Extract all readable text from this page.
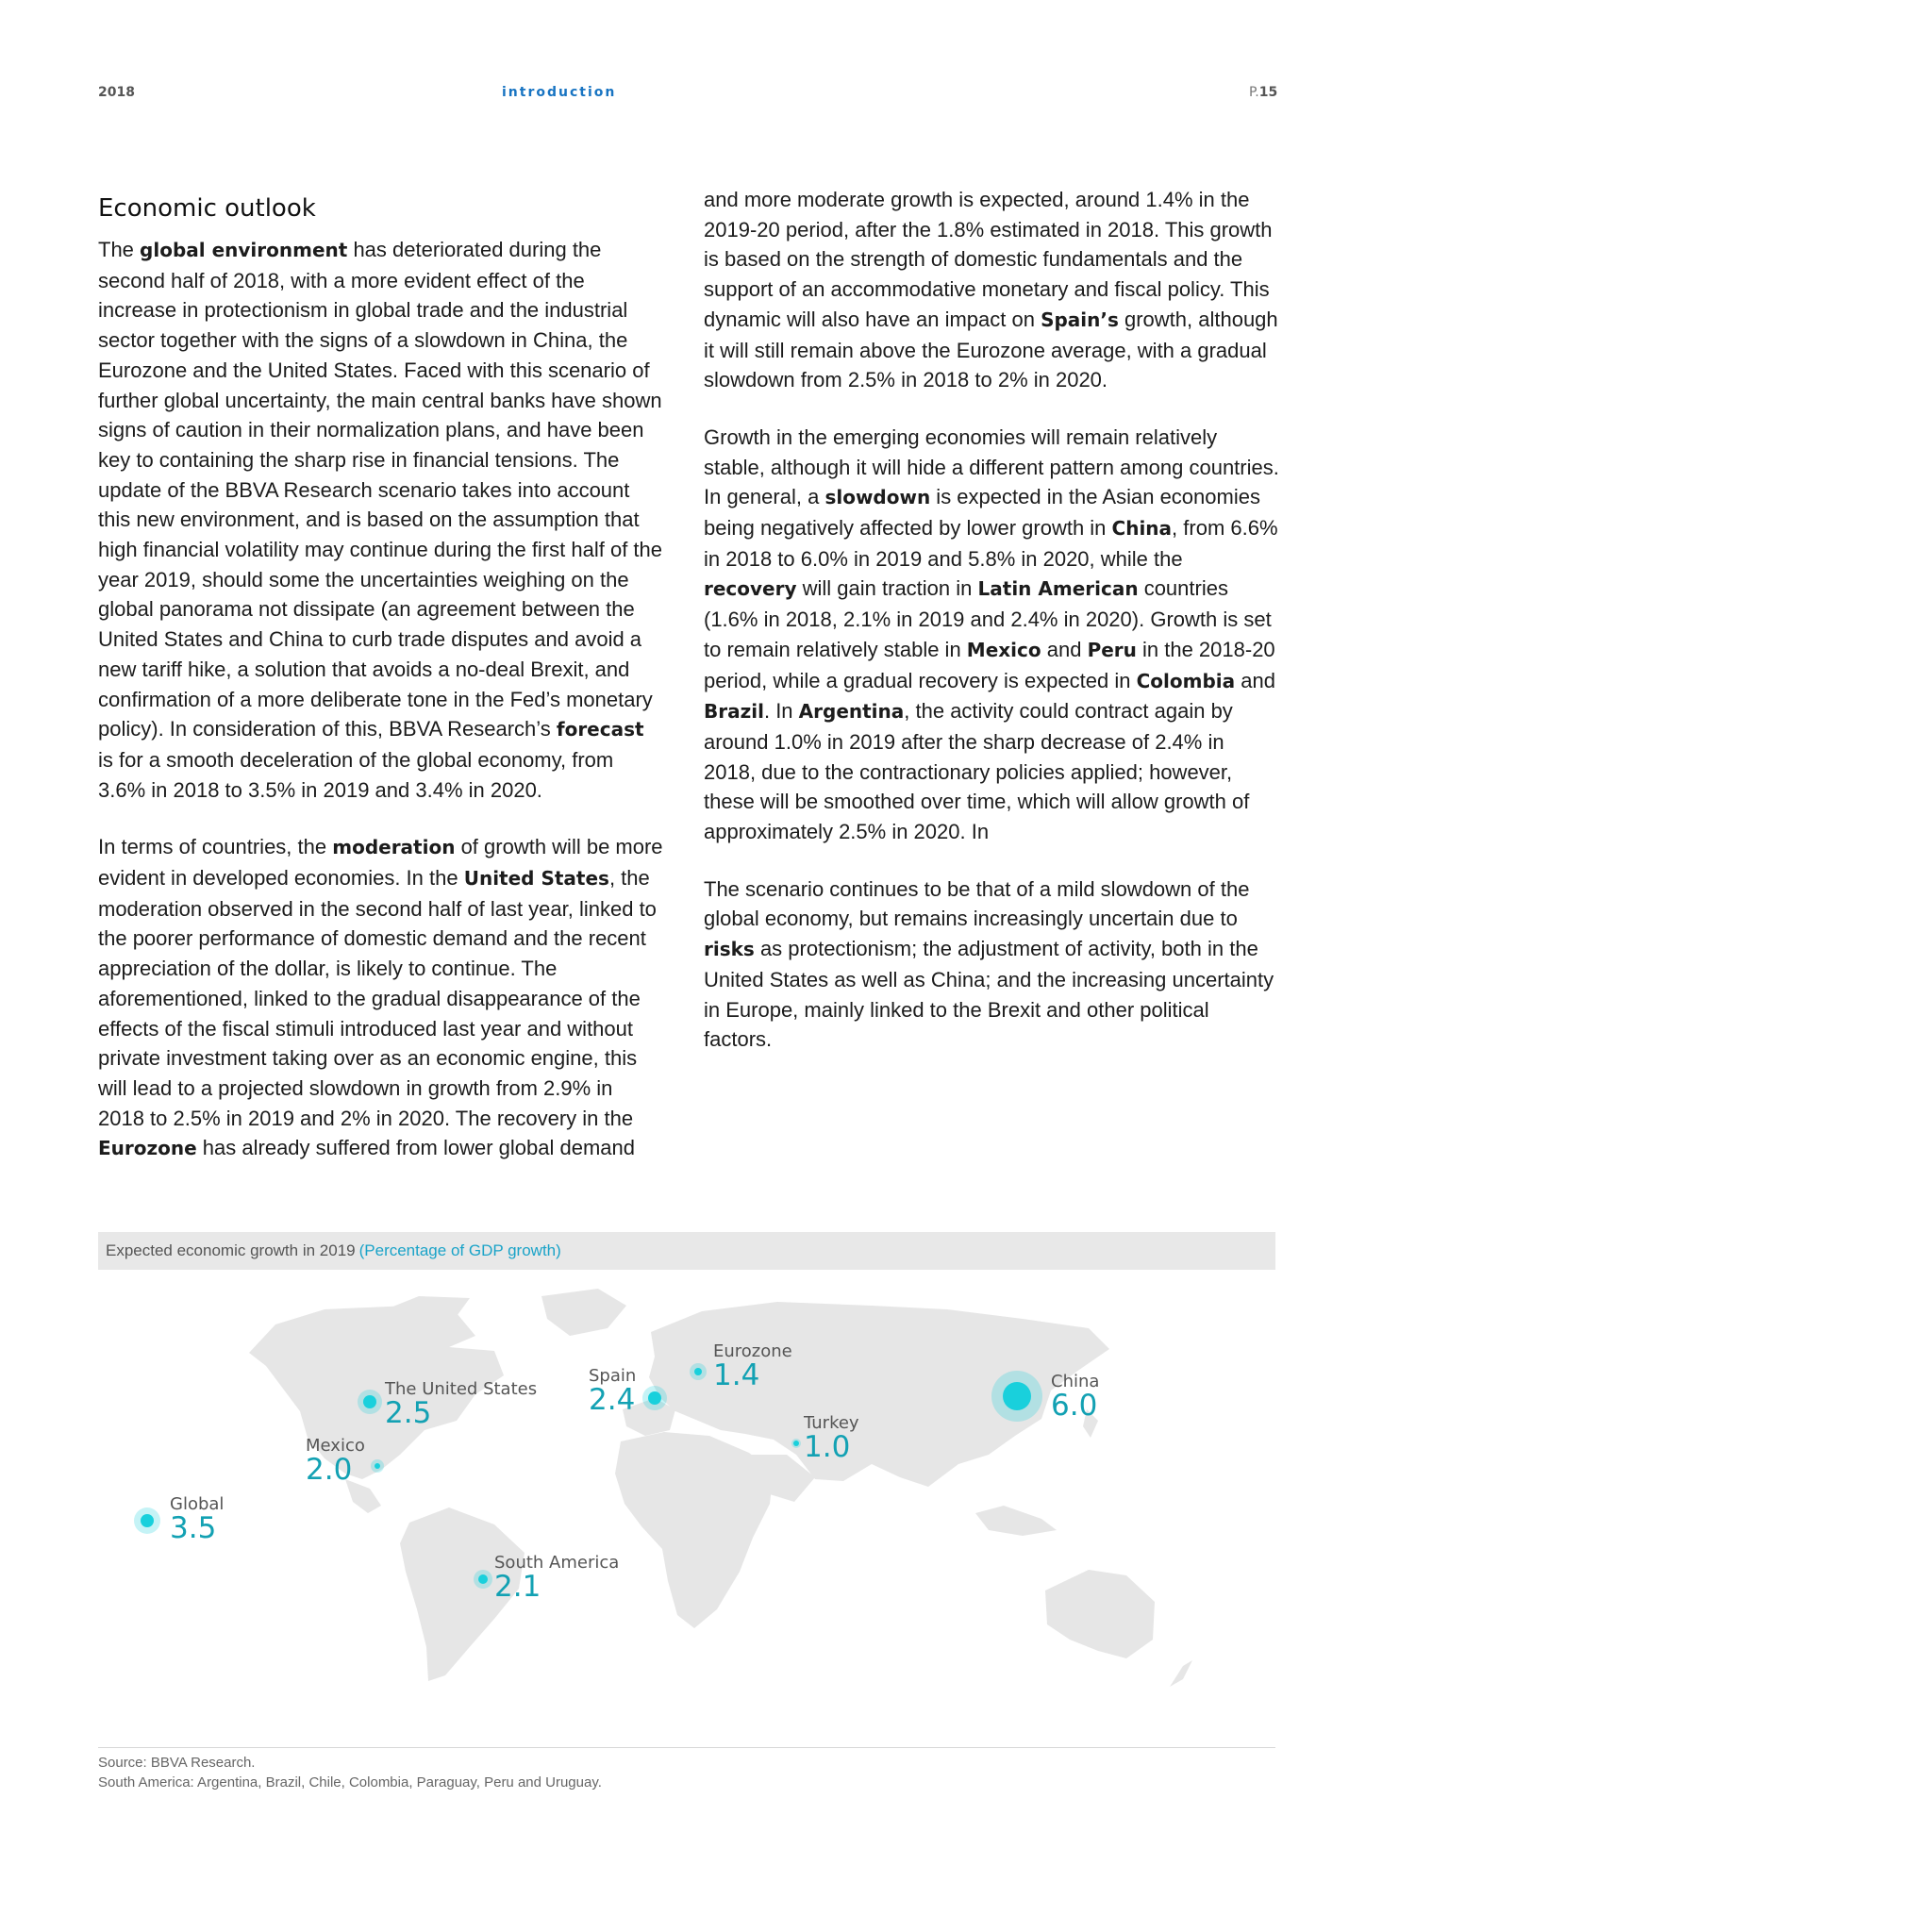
2018	introduction	P.15
Economic outlook

The global environment has deteriorated during the second half of 2018, with a more evident effect of the increase in protectionism in global trade and the industrial sector together with the signs of a slowdown in China, the Eurozone and the United States. Faced with this scenario of further global uncertainty, the main central banks have shown signs of caution in their normalization plans, and have been key to containing the sharp rise in financial tensions. The update of the BBVA Research scenario takes into account this new environment, and is based on the assumption that high financial volatility may continue during the first half of the year 2019, should some the uncertainties weighing on the global panorama not dissipate (an agreement between the United States and China to curb trade disputes and avoid a new tariff hike, a solution that avoids a no-deal Brexit, and confirmation of a more deliberate tone in the Fed’s monetary policy). In consideration of this, BBVA Research’s forecast is for a smooth deceleration of the global economy, from 3.6% in 2018 to 3.5% in 2019 and 3.4% in 2020.

In terms of countries, the moderation of growth will be more evident in developed economies. In the United States, the moderation observed in the second half of last year, linked to the poorer performance of domestic demand and the recent appreciation of the dollar, is likely to continue. The aforementioned, linked to the gradual disappearance of the effects of the fiscal stimuli introduced last year and without private investment taking over as an economic engine, this will lead to a projected slowdown in growth from 2.9% in 2018 to 2.5% in 2019 and 2% in 2020. The recovery in the Eurozone has already suffered from lower global demand

and more moderate growth is expected, around 1.4% in the 2019-20 period, after the 1.8% estimated in 2018. This growth is based on the strength of domestic fundamentals and the support of an accommodative monetary and fiscal policy. This dynamic will also have an impact on Spain’s growth, although it will still remain above the Eurozone average, with a gradual slowdown from 2.5% in 2018 to 2% in 2020.

Growth in the emerging economies will remain relatively stable, although it will hide a different pattern among countries. In general, a slowdown is expected in the Asian economies being negatively affected by lower growth in China, from 6.6% in 2018 to 6.0% in 2019 and 5.8% in 2020, while the recovery will gain traction in Latin American countries (1.6% in 2018, 2.1% in 2019 and 2.4% in 2020). Growth is set to remain relatively stable in Mexico and Peru in the 2018-20 period, while a gradual recovery is expected in Colombia and Brazil. In Argentina, the activity could contract again by around 1.0% in 2019 after the sharp decrease of 2.4% in 2018, due to the contractionary policies applied; however, these will be smoothed over time, which will allow growth of approximately 2.5% in 2020. In

The scenario continues to be that of a mild slowdown of the global economy, but remains increasingly uncertain due to risks as protectionism; the adjustment of activity, both in the United States as well as China; and the increasing uncertainty in Europe, mainly linked to the Brexit and other political factors.

Expected economic growth in 2019 (Percentage of GDP growth)
The United States
2.5
Mexico
2.0
Global
3.5
South America
2.1
Spain
2.4
Eurozone
1.4
Turkey
1.0
China
6.0
Source: BBVA Research.
South America: Argentina, Brazil, Chile, Colombia, Paraguay, Peru and Uruguay.
